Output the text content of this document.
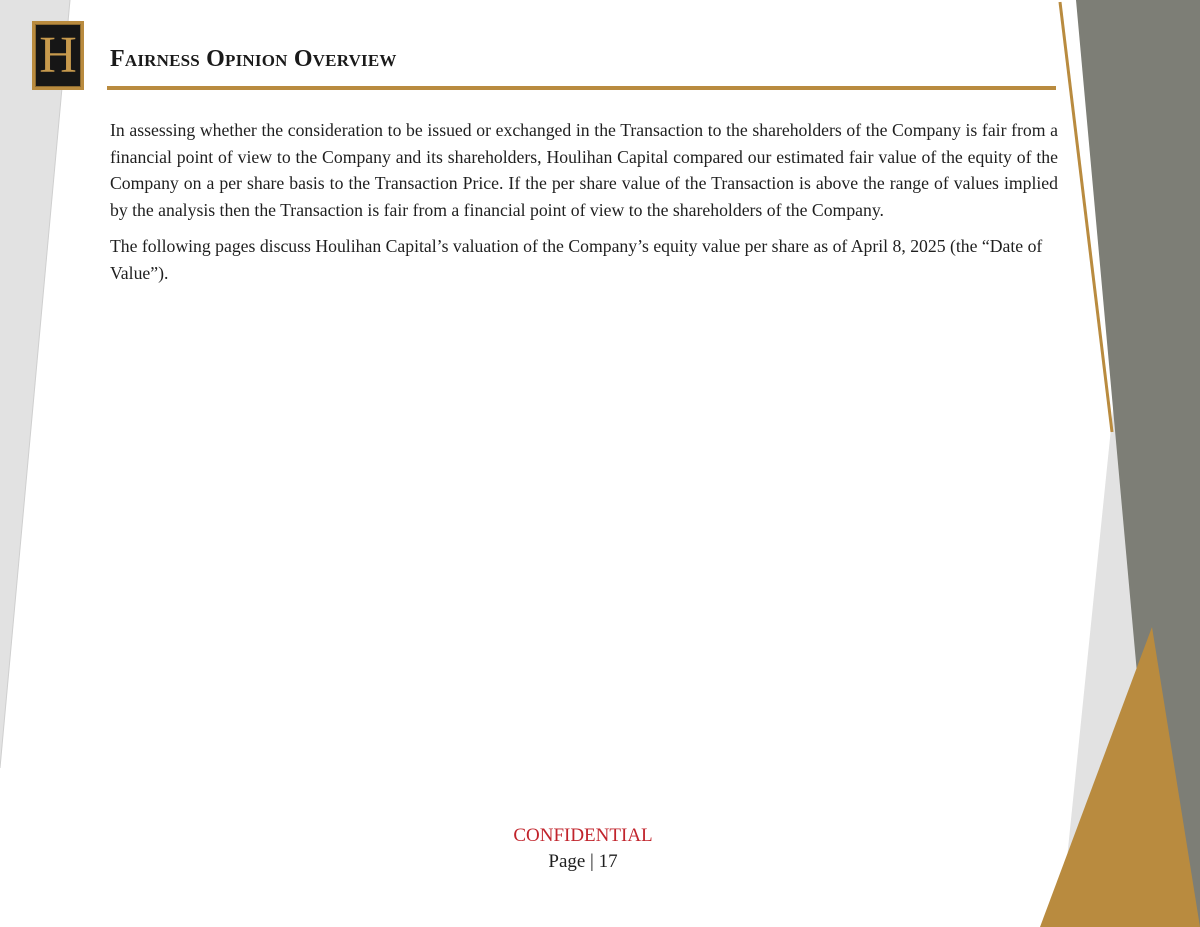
H Fairness Opinion Overview

In assessing whether the consideration to be issued or exchanged in the Transaction to the shareholders of the Company is fair from a financial point of view to the Company and its shareholders, Houlihan Capital compared our estimated fair value of the equity of the Company on a per share basis to the Transaction Price. If the per share value of the Transaction is above the range of values implied by the analysis then the Transaction is fair from a financial point of view to the shareholders of the Company.

The following pages discuss Houlihan Capital’s valuation of the Company’s equity value per share as of April 8, 2025 (the “Date of Value”).

CONFIDENTIAL
Page | 17
